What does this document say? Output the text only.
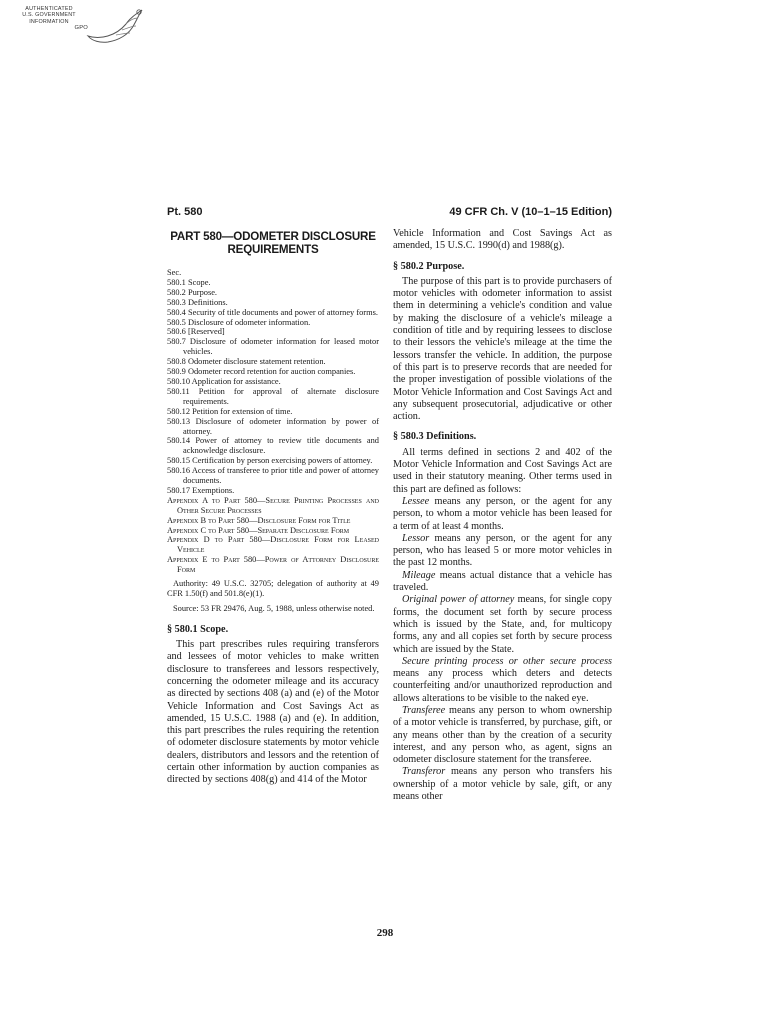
AUTHENTICATED
U.S. GOVERNMENT
INFORMATION
GPO
Pt. 580	49 CFR Ch. V (10–1–15 Edition)
PART 580—ODOMETER DISCLOSURE REQUIREMENTS
Sec.
580.1 Scope.
580.2 Purpose.
580.3 Definitions.
580.4 Security of title documents and power of attorney forms.
580.5 Disclosure of odometer information.
580.6 [Reserved]
580.7 Disclosure of odometer information for leased motor vehicles.
580.8 Odometer disclosure statement retention.
580.9 Odometer record retention for auction companies.
580.10 Application for assistance.
580.11 Petition for approval of alternate disclosure requirements.
580.12 Petition for extension of time.
580.13 Disclosure of odometer information by power of attorney.
580.14 Power of attorney to review title documents and acknowledge disclosure.
580.15 Certification by person exercising powers of attorney.
580.16 Access of transferee to prior title and power of attorney documents.
580.17 Exemptions.
Appendix A to Part 580—Secure Printing Processes and Other Secure Processes
Appendix B to Part 580—Disclosure Form for Title
Appendix C to Part 580—Separate Disclosure Form
Appendix D to Part 580—Disclosure Form for Leased Vehicle
Appendix E to Part 580—Power of Attorney Disclosure Form
Authority: 49 U.S.C. 32705; delegation of authority at 49 CFR 1.50(f) and 501.8(e)(1).
Source: 53 FR 29476, Aug. 5, 1988, unless otherwise noted.
§ 580.1 Scope.

This part prescribes rules requiring transferors and lessees of motor vehicles to make written disclosure to transferees and lessors respectively, concerning the odometer mileage and its accuracy as directed by sections 408 (a) and (e) of the Motor Vehicle Information and Cost Savings Act as amended, 15 U.S.C. 1988 (a) and (e). In addition, this part prescribes the rules requiring the retention of odometer disclosure statements by motor vehicle dealers, distributors and lessors and the retention of certain other information by auction companies as directed by sections 408(g) and 414 of the Motor

Vehicle Information and Cost Savings Act as amended, 15 U.S.C. 1990(d) and 1988(g).

§ 580.2 Purpose.

The purpose of this part is to provide purchasers of motor vehicles with odometer information to assist them in determining a vehicle's condition and value by making the disclosure of a vehicle's mileage a condition of title and by requiring lessees to disclose to their lessors the vehicle's mileage at the time the lessors transfer the vehicle. In addition, the purpose of this part is to preserve records that are needed for the proper investigation of possible violations of the Motor Vehicle Information and Cost Savings Act and any subsequent prosecutorial, adjudicative or other action.

§ 580.3 Definitions.

All terms defined in sections 2 and 402 of the Motor Vehicle Information and Cost Savings Act are used in their statutory meaning. Other terms used in this part are defined as follows:

Lessee means any person, or the agent for any person, to whom a motor vehicle has been leased for a term of at least 4 months.

Lessor means any person, or the agent for any person, who has leased 5 or more motor vehicles in the past 12 months.

Mileage means actual distance that a vehicle has traveled.

Original power of attorney means, for single copy forms, the document set forth by secure process which is issued by the State, and, for multicopy forms, any and all copies set forth by secure process which are issued by the State.

Secure printing process or other secure process means any process which deters and detects counterfeiting and/or unauthorized reproduction and allows alterations to be visible to the naked eye.

Transferee means any person to whom ownership of a motor vehicle is transferred, by purchase, gift, or any means other than by the creation of a security interest, and any person who, as agent, signs an odometer disclosure statement for the transferee.

Transferor means any person who transfers his ownership of a motor vehicle by sale, gift, or any means other

298
